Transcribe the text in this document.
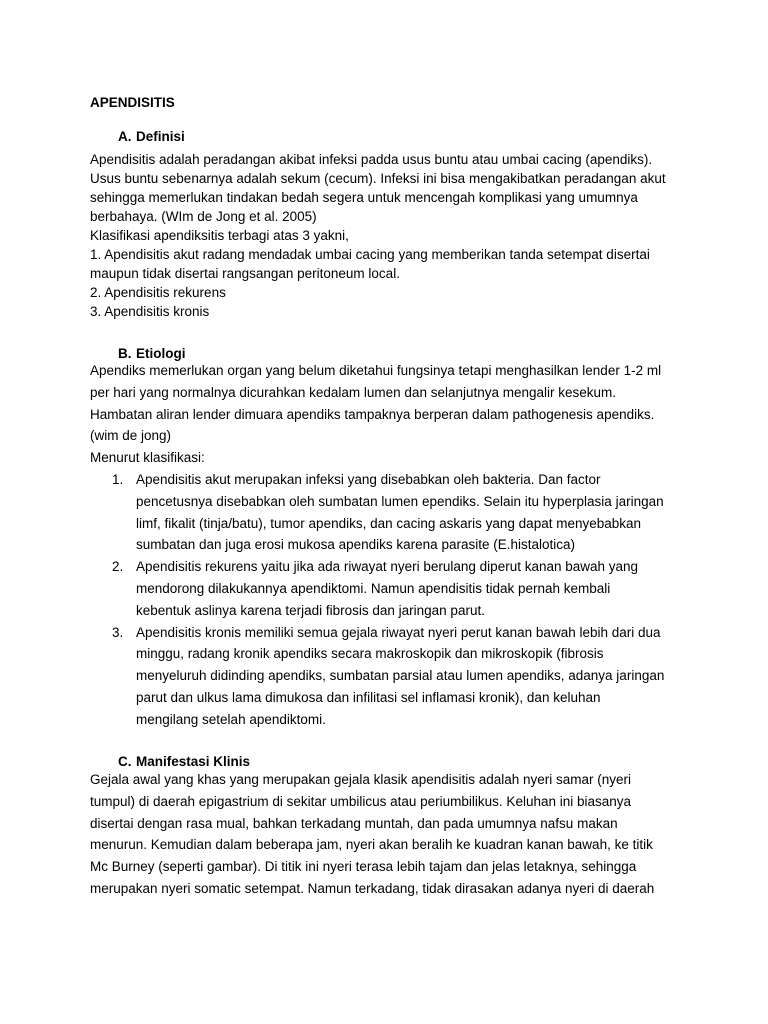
APENDISITIS

A. Definisi

Apendisitis adalah peradangan akibat infeksi padda usus buntu atau umbai cacing (apendiks).

Usus buntu sebenarnya adalah sekum (cecum). Infeksi ini bisa mengakibatkan peradangan akut

sehingga memerlukan tindakan bedah segera untuk mencengah komplikasi yang umumnya

berbahaya. (WIm de Jong et al. 2005)

Klasifikasi apendiksitis terbagi atas 3 yakni,

1. Apendisitis akut radang mendadak umbai cacing yang memberikan tanda setempat disertai

maupun tidak disertai rangsangan peritoneum local.

2. Apendisitis rekurens

3. Apendisitis kronis

B. Etiologi

Apendiks memerlukan organ yang belum diketahui fungsinya tetapi menghasilkan lender 1-2 ml

per hari yang normalnya dicurahkan kedalam lumen dan selanjutnya mengalir kesekum.

Hambatan aliran lender dimuara apendiks tampaknya berperan dalam pathogenesis apendiks.

(wim de jong)

Menurut klasifikasi:

1. Apendisitis akut merupakan infeksi yang disebabkan oleh bakteria. Dan factor
pencetusnya disebabkan oleh sumbatan lumen ependiks. Selain itu hyperplasia jaringan
limf, fikalit (tinja/batu), tumor apendiks, dan cacing askaris yang dapat menyebabkan
sumbatan dan juga erosi mukosa apendiks karena parasite (E.histalotica)
2. Apendisitis rekurens yaitu jika ada riwayat nyeri berulang diperut kanan bawah yang
mendorong dilakukannya apendiktomi. Namun apendisitis tidak pernah kembali
kebentuk aslinya karena terjadi fibrosis dan jaringan parut.
3. Apendisitis kronis memiliki semua gejala riwayat nyeri perut kanan bawah lebih dari dua
minggu, radang kronik apendiks secara makroskopik dan mikroskopik (fibrosis
menyeluruh didinding apendiks, sumbatan parsial atau lumen apendiks, adanya jaringan
parut dan ulkus lama dimukosa dan infilitasi sel inflamasi kronik), dan keluhan
mengilang setelah apendiktomi.

C. Manifestasi Klinis

Gejala awal yang khas yang merupakan gejala klasik apendisitis adalah nyeri samar (nyeri

tumpul) di daerah epigastrium di sekitar umbilicus atau periumbilikus. Keluhan ini biasanya

disertai dengan rasa mual, bahkan terkadang muntah, dan pada umumnya nafsu makan

menurun. Kemudian dalam beberapa jam, nyeri akan beralih ke kuadran kanan bawah, ke titik

Mc Burney (seperti gambar). Di titik ini nyeri terasa lebih tajam dan jelas letaknya, sehingga

merupakan nyeri somatic setempat. Namun terkadang, tidak dirasakan adanya nyeri di daerah
